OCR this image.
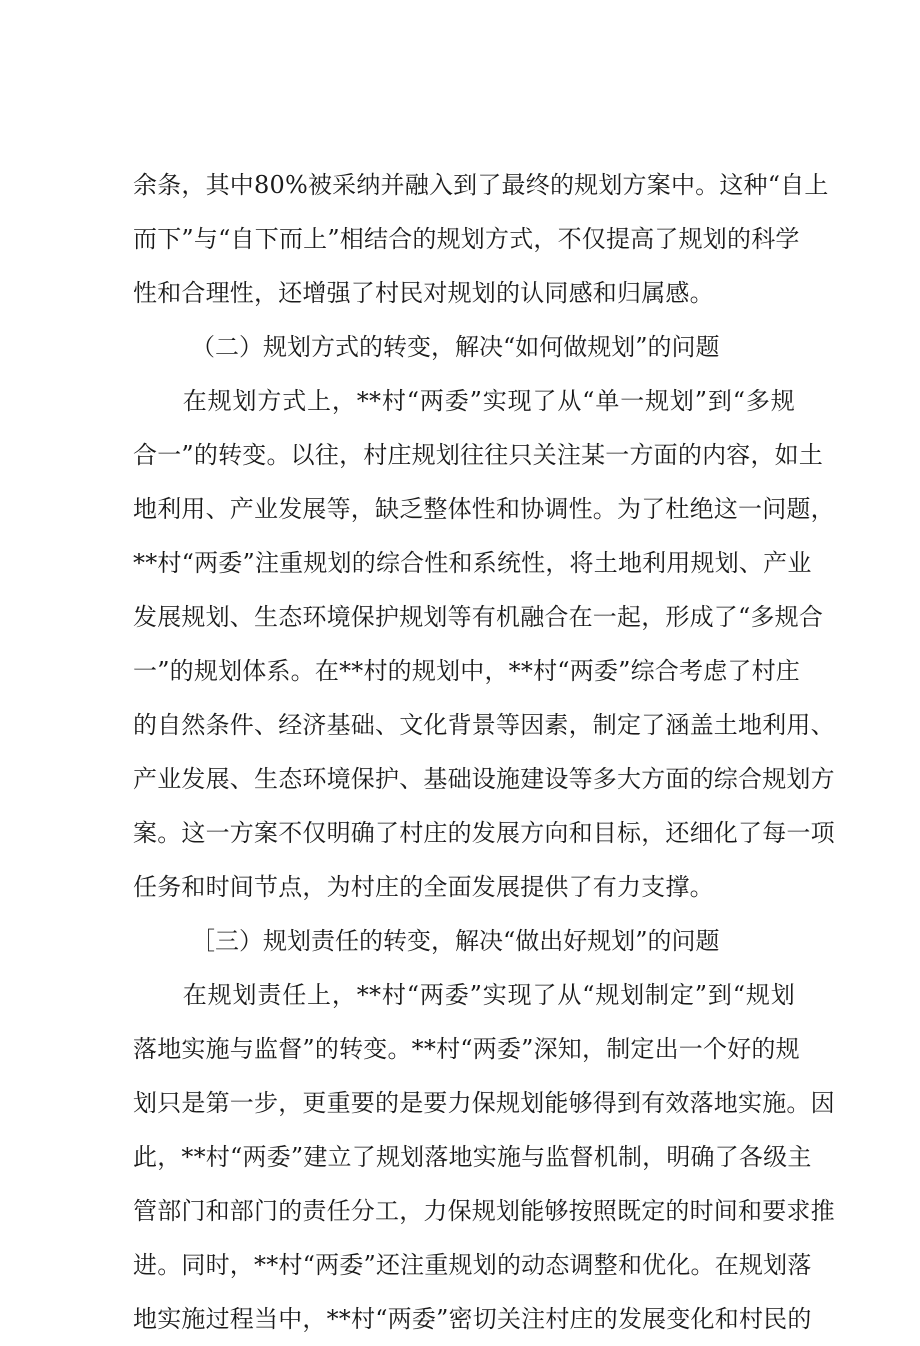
余条，其中80%被采纳并融入到了最终的规划方案中。这种“自上
而下”与“自下而上”相结合的规划方式，不仅提高了规划的科学
性和合理性，还增强了村民对规划的认同感和归属感。
（二）规划方式的转变，解决“如何做规划”的问题
　　在规划方式上，**村“两委”实现了从“单一规划”到“多规
合一”的转变。以往，村庄规划往往只关注某一方面的内容，如土
地利用、产业发展等，缺乏整体性和协调性。为了杜绝这一问题，
**村“两委”注重规划的综合性和系统性，将土地利用规划、产业
发展规划、生态环境保护规划等有机融合在一起，形成了“多规合
一”的规划体系。在**村的规划中，**村“两委”综合考虑了村庄
的自然条件、经济基础、文化背景等因素，制定了涵盖土地利用、
产业发展、生态环境保护、基础设施建设等多大方面的综合规划方
案。这一方案不仅明确了村庄的发展方向和目标，还细化了每一项
任务和时间节点，为村庄的全面发展提供了有力支撑。
［三）规划责任的转变，解决“做出好规划”的问题
　　在规划责任上，**村“两委”实现了从“规划制定”到“规划
落地实施与监督”的转变。**村“两委”深知，制定出一个好的规
划只是第一步，更重要的是要力保规划能够得到有效落地实施。因
此，**村“两委”建立了规划落地实施与监督机制，明确了各级主
管部门和部门的责任分工，力保规划能够按照既定的时间和要求推
进。同时，**村“两委”还注重规划的动态调整和优化。在规划落
地实施过程当中，**村“两委”密切关注村庄的发展变化和村民的
